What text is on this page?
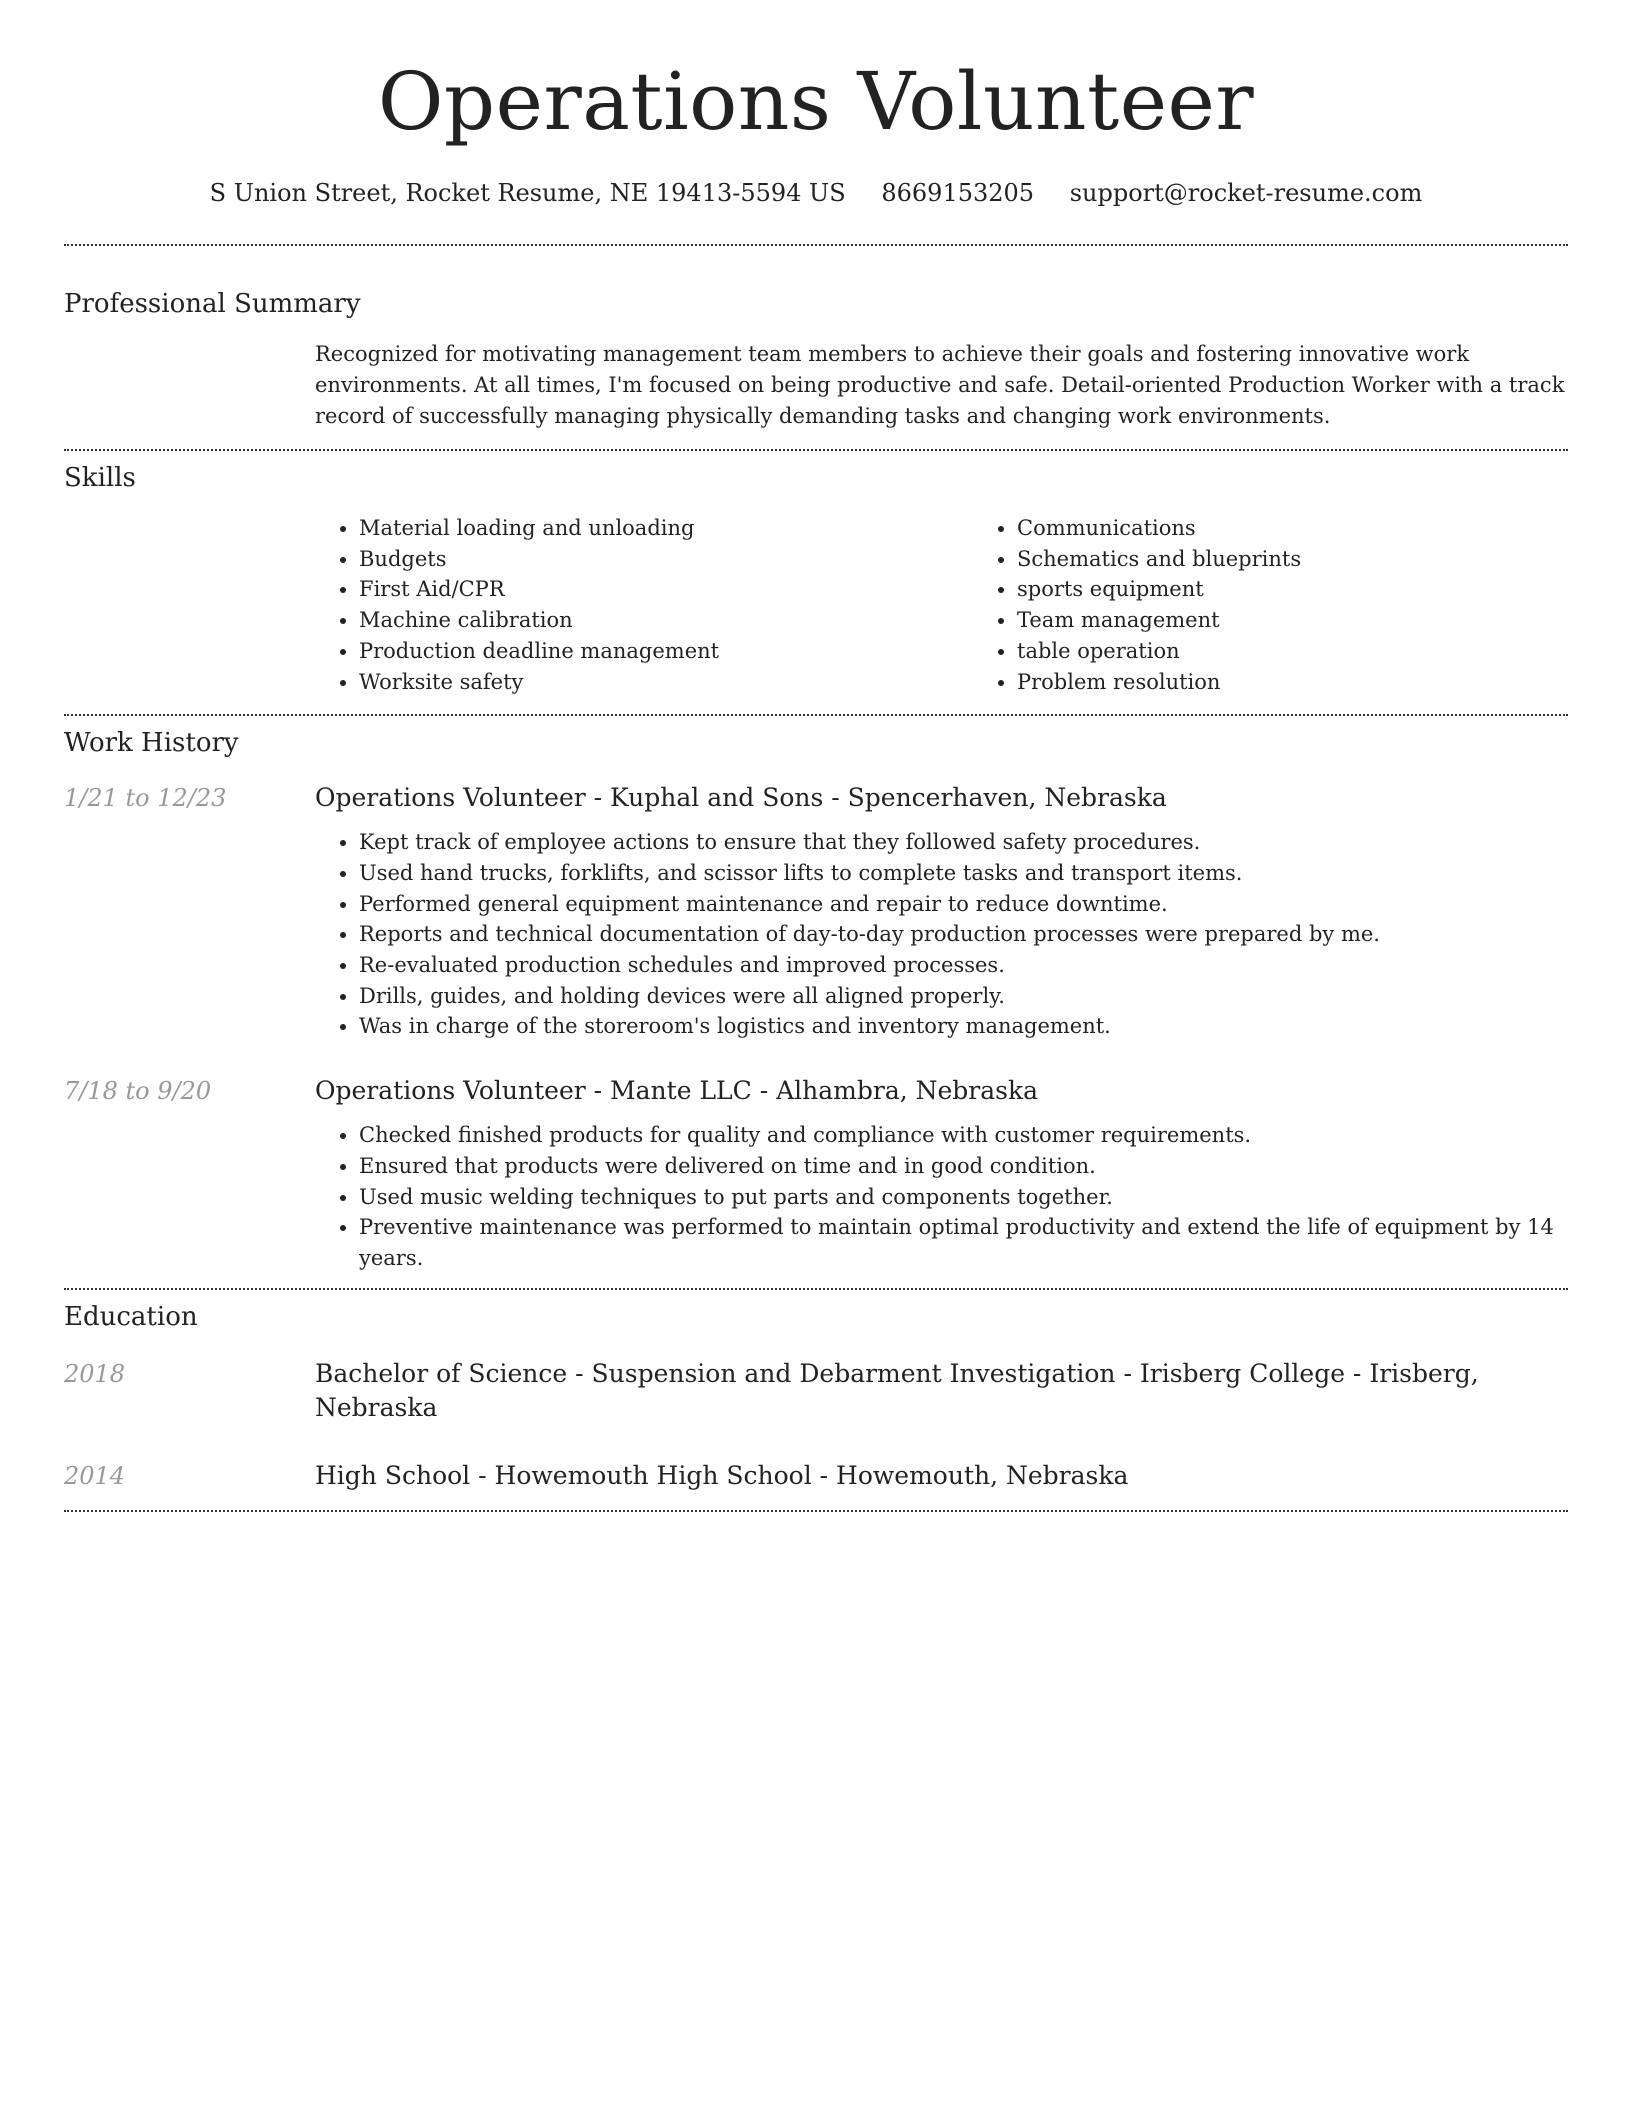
Operations Volunteer
S Union Street, Rocket Resume, NE 19413-5594 US 8669153205 support@rocket-resume.com
Professional Summary

Recognized for motivating management team members to achieve their goals and fostering innovative work environments. At all times, I'm focused on being productive and safe. Detail-oriented Production Worker with a track record of successfully managing physically demanding tasks and changing work environments.

Skills
• Material loading and unloading
• Budgets
• First Aid/CPR
• Machine calibration
• Production deadline management
• Worksite safety
• Communications
• Schematics and blueprints
• sports equipment
• Team management
• table operation
• Problem resolution
Work History
1/21 to 12/23	Operations Volunteer - Kuphal and Sons - Spencerhaven, Nebraska
• Kept track of employee actions to ensure that they followed safety procedures.
• Used hand trucks, forklifts, and scissor lifts to complete tasks and transport items.
• Performed general equipment maintenance and repair to reduce downtime.
• Reports and technical documentation of day-to-day production processes were prepared by me.
• Re-evaluated production schedules and improved processes.
• Drills, guides, and holding devices were all aligned properly.
• Was in charge of the storeroom's logistics and inventory management.
7/18 to 9/20	Operations Volunteer - Mante LLC - Alhambra, Nebraska
• Checked finished products for quality and compliance with customer requirements.
• Ensured that products were delivered on time and in good condition.
• Used music welding techniques to put parts and components together.
• Preventive maintenance was performed to maintain optimal productivity and extend the life of equipment by 14 years.
Education
2018	Bachelor of Science - Suspension and Debarment Investigation - Irisberg College - Irisberg, Nebraska
2014	High School - Howemouth High School - Howemouth, Nebraska
